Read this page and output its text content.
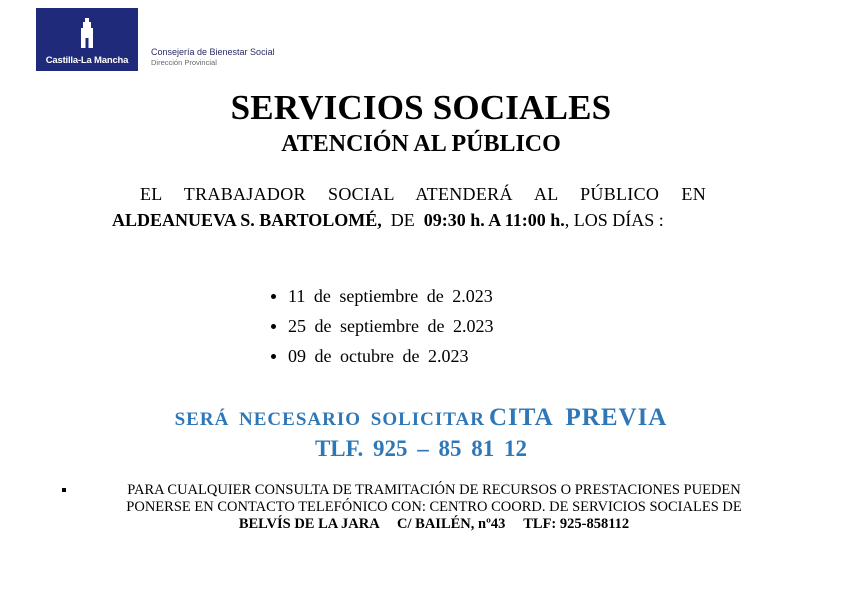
Castilla-La Mancha
Consejería de Bienestar Social
Dirección Provincial
SERVICIOS SOCIALES
ATENCIÓN AL PÚBLICO
EL TRABAJADOR SOCIAL ATENDERÁ AL PÚBLICO EN
ALDEANUEVA S. BARTOLOMÉ, DE 09:30 h. A 11:00 h., LOS DÍAS :
11 de septiembre de 2.023
25 de septiembre de 2.023
09 de octubre de 2.023
SERÁ NECESARIO SOLICITAR CITA PREVIA
TLF. 925 – 85 81 12
PARA CUALQUIER CONSULTA DE TRAMITACIÓN DE RECURSOS O PRESTACIONES PUEDEN
PONERSE EN CONTACTO TELEFÓNICO CON: CENTRO COORD. DE SERVICIOS SOCIALES DE
BELVÍS DE LA JARA     C/ BAILÉN, nº43     TLF: 925-858112
